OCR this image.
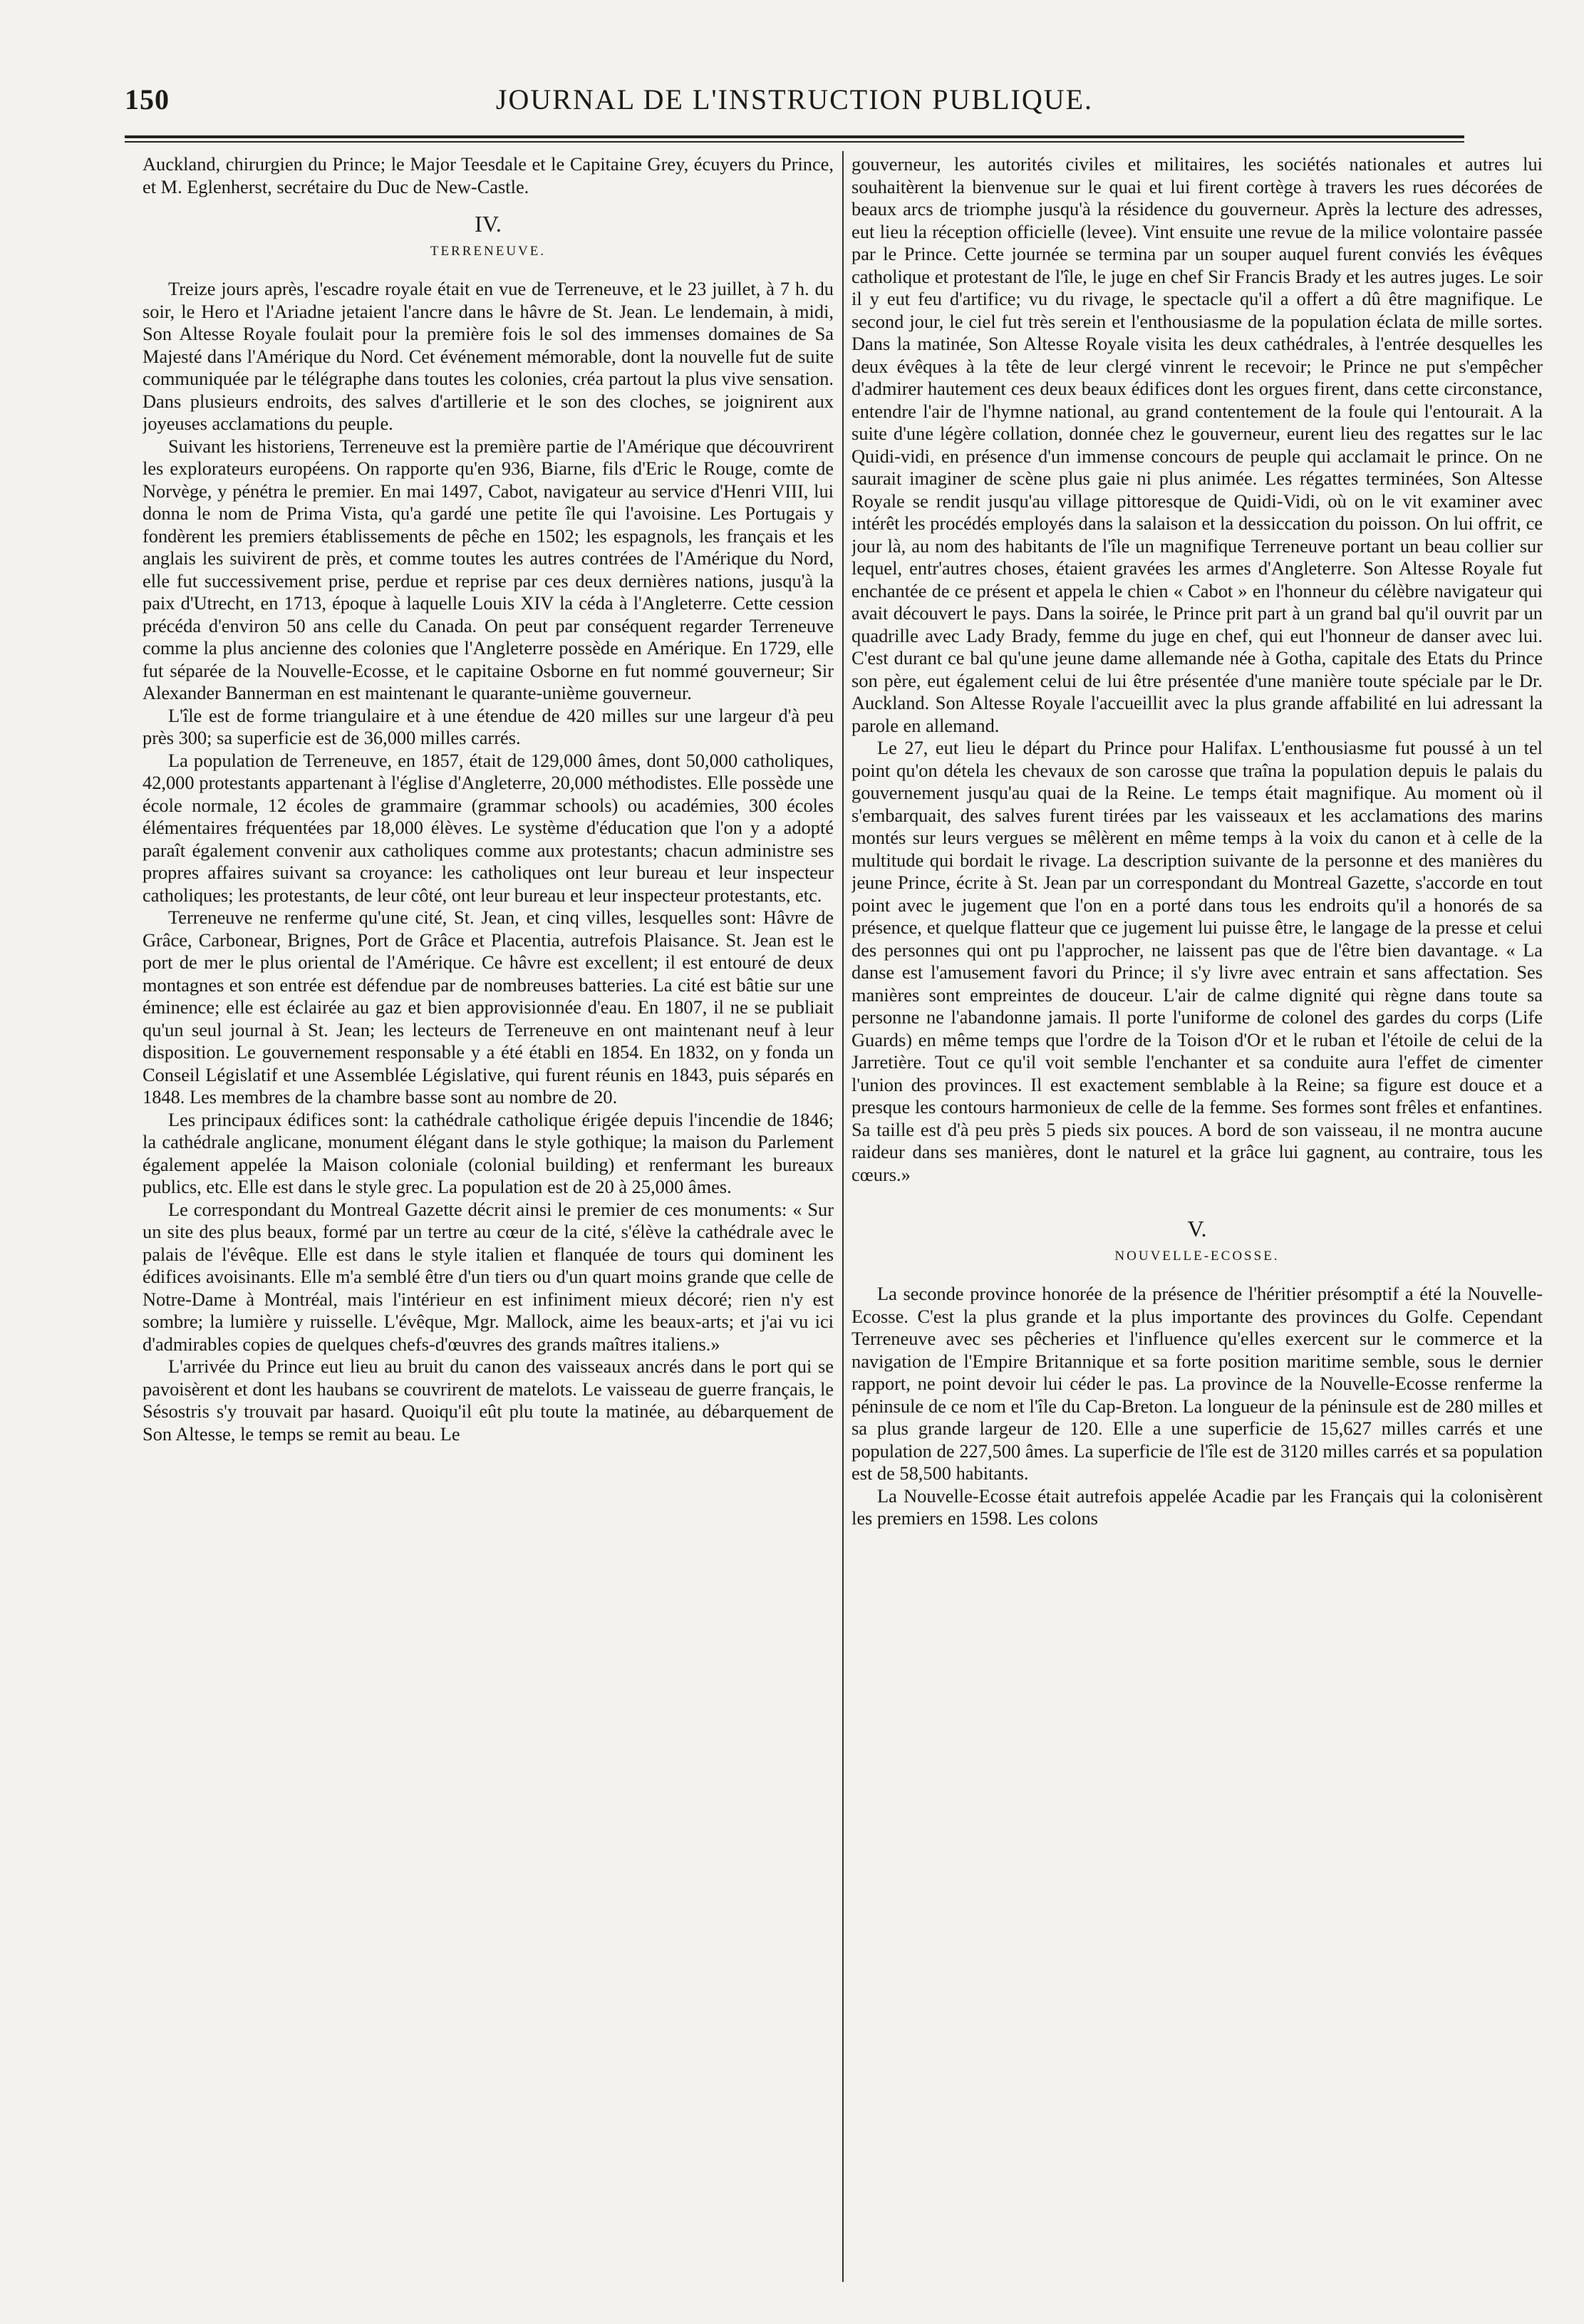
150	JOURNAL DE L'INSTRUCTION PUBLIQUE.

Auckland, chirurgien du Prince; le Major Teesdale et le Capitaine Grey, écuyers du Prince, et M. Eglenherst, secrétaire du Duc de New-Castle.

IV.
TERRENEUVE.

Treize jours après, l'escadre royale était en vue de Terreneuve, et le 23 juillet, à 7 h. du soir, le Hero et l'Ariadne jetaient l'ancre dans le hâvre de St. Jean. Le lendemain, à midi, Son Altesse Royale foulait pour la première fois le sol des immenses domaines de Sa Majesté dans l'Amérique du Nord. Cet événement mémorable, dont la nouvelle fut de suite communiquée par le télégraphe dans toutes les colonies, créa partout la plus vive sensation. Dans plusieurs endroits, des salves d'artillerie et le son des cloches, se joignirent aux joyeuses acclamations du peuple.

Suivant les historiens, Terreneuve est la première partie de l'Amérique que découvrirent les explorateurs européens. On rapporte qu'en 936, Biarne, fils d'Eric le Rouge, comte de Norvège, y pénétra le premier. En mai 1497, Cabot, navigateur au service d'Henri VIII, lui donna le nom de Prima Vista, qu'a gardé une petite île qui l'avoisine. Les Portugais y fondèrent les premiers établissements de pêche en 1502; les espagnols, les français et les anglais les suivirent de près, et comme toutes les autres contrées de l'Amérique du Nord, elle fut successivement prise, perdue et reprise par ces deux dernières nations, jusqu'à la paix d'Utrecht, en 1713, époque à laquelle Louis XIV la céda à l'Angleterre. Cette cession précéda d'environ 50 ans celle du Canada. On peut par conséquent regarder Terreneuve comme la plus ancienne des colonies que l'Angleterre possède en Amérique. En 1729, elle fut séparée de la Nouvelle-Ecosse, et le capitaine Osborne en fut nommé gouverneur; Sir Alexander Bannerman en est maintenant le quarante-unième gouverneur.

L'île est de forme triangulaire et à une étendue de 420 milles sur une largeur d'à peu près 300; sa superficie est de 36,000 milles carrés.

La population de Terreneuve, en 1857, était de 129,000 âmes, dont 50,000 catholiques, 42,000 protestants appartenant à l'église d'Angleterre, 20,000 méthodistes. Elle possède une école normale, 12 écoles de grammaire (grammar schools) ou académies, 300 écoles élémentaires fréquentées par 18,000 élèves. Le système d'éducation que l'on y a adopté paraît également convenir aux catholiques comme aux protestants; chacun administre ses propres affaires suivant sa croyance: les catholiques ont leur bureau et leur inspecteur catholiques; les protestants, de leur côté, ont leur bureau et leur inspecteur protestants, etc.

Terreneuve ne renferme qu'une cité, St. Jean, et cinq villes, lesquelles sont: Hâvre de Grâce, Carbonear, Brignes, Port de Grâce et Placentia, autrefois Plaisance. St. Jean est le port de mer le plus oriental de l'Amérique. Ce hâvre est excellent; il est entouré de deux montagnes et son entrée est défendue par de nombreuses batteries. La cité est bâtie sur une éminence; elle est éclairée au gaz et bien approvisionnée d'eau. En 1807, il ne se publiait qu'un seul journal à St. Jean; les lecteurs de Terreneuve en ont maintenant neuf à leur disposition. Le gouvernement responsable y a été établi en 1854. En 1832, on y fonda un Conseil Législatif et une Assemblée Législative, qui furent réunis en 1843, puis séparés en 1848. Les membres de la chambre basse sont au nombre de 20.

Les principaux édifices sont: la cathédrale catholique érigée depuis l'incendie de 1846; la cathédrale anglicane, monument élégant dans le style gothique; la maison du Parlement également appelée la Maison coloniale (colonial building) et renfermant les bureaux publics, etc. Elle est dans le style grec. La population est de 20 à 25,000 âmes.

Le correspondant du Montreal Gazette décrit ainsi le premier de ces monuments: « Sur un site des plus beaux, formé par un tertre au cœur de la cité, s'élève la cathédrale avec le palais de l'évêque. Elle est dans le style italien et flanquée de tours qui dominent les édifices avoisinants. Elle m'a semblé être d'un tiers ou d'un quart moins grande que celle de Notre-Dame à Montréal, mais l'intérieur en est infiniment mieux décoré; rien n'y est sombre; la lumière y ruisselle. L'évêque, Mgr. Mallock, aime les beaux-arts; et j'ai vu ici d'admirables copies de quelques chefs-d'œuvres des grands maîtres italiens.»

L'arrivée du Prince eut lieu au bruit du canon des vaisseaux ancrés dans le port qui se pavoisèrent et dont les haubans se couvrirent de matelots. Le vaisseau de guerre français, le Sésostris s'y trouvait par hasard. Quoiqu'il eût plu toute la matinée, au débarquement de Son Altesse, le temps se remit au beau. Le

gouverneur, les autorités civiles et militaires, les sociétés nationales et autres lui souhaitèrent la bienvenue sur le quai et lui firent cortège à travers les rues décorées de beaux arcs de triomphe jusqu'à la résidence du gouverneur. Après la lecture des adresses, eut lieu la réception officielle (levee). Vint ensuite une revue de la milice volontaire passée par le Prince. Cette journée se termina par un souper auquel furent conviés les évêques catholique et protestant de l'île, le juge en chef Sir Francis Brady et les autres juges. Le soir il y eut feu d'artifice; vu du rivage, le spectacle qu'il a offert a dû être magnifique. Le second jour, le ciel fut très serein et l'enthousiasme de la population éclata de mille sortes. Dans la matinée, Son Altesse Royale visita les deux cathédrales, à l'entrée desquelles les deux évêques à la tête de leur clergé vinrent le recevoir; le Prince ne put s'empêcher d'admirer hautement ces deux beaux édifices dont les orgues firent, dans cette circonstance, entendre l'air de l'hymne national, au grand contentement de la foule qui l'entourait. A la suite d'une légère collation, donnée chez le gouverneur, eurent lieu des regattes sur le lac Quidi-vidi, en présence d'un immense concours de peuple qui acclamait le prince. On ne saurait imaginer de scène plus gaie ni plus animée. Les régattes terminées, Son Altesse Royale se rendit jusqu'au village pittoresque de Quidi-Vidi, où on le vit examiner avec intérêt les procédés employés dans la salaison et la dessiccation du poisson. On lui offrit, ce jour là, au nom des habitants de l'île un magnifique Terreneuve portant un beau collier sur lequel, entr'autres choses, étaient gravées les armes d'Angleterre. Son Altesse Royale fut enchantée de ce présent et appela le chien « Cabot » en l'honneur du célèbre navigateur qui avait découvert le pays. Dans la soirée, le Prince prit part à un grand bal qu'il ouvrit par un quadrille avec Lady Brady, femme du juge en chef, qui eut l'honneur de danser avec lui. C'est durant ce bal qu'une jeune dame allemande née à Gotha, capitale des Etats du Prince son père, eut également celui de lui être présentée d'une manière toute spéciale par le Dr. Auckland. Son Altesse Royale l'accueillit avec la plus grande affabilité en lui adressant la parole en allemand.

Le 27, eut lieu le départ du Prince pour Halifax. L'enthousiasme fut poussé à un tel point qu'on détela les chevaux de son carosse que traîna la population depuis le palais du gouvernement jusqu'au quai de la Reine. Le temps était magnifique. Au moment où il s'embarquait, des salves furent tirées par les vaisseaux et les acclamations des marins montés sur leurs vergues se mêlèrent en même temps à la voix du canon et à celle de la multitude qui bordait le rivage. La description suivante de la personne et des manières du jeune Prince, écrite à St. Jean par un correspondant du Montreal Gazette, s'accorde en tout point avec le jugement que l'on en a porté dans tous les endroits qu'il a honorés de sa présence, et quelque flatteur que ce jugement lui puisse être, le langage de la presse et celui des personnes qui ont pu l'approcher, ne laissent pas que de l'être bien davantage. « La danse est l'amusement favori du Prince; il s'y livre avec entrain et sans affectation. Ses manières sont empreintes de douceur. L'air de calme dignité qui règne dans toute sa personne ne l'abandonne jamais. Il porte l'uniforme de colonel des gardes du corps (Life Guards) en même temps que l'ordre de la Toison d'Or et le ruban et l'étoile de celui de la Jarretière. Tout ce qu'il voit semble l'enchanter et sa conduite aura l'effet de cimenter l'union des provinces. Il est exactement semblable à la Reine; sa figure est douce et a presque les contours harmonieux de celle de la femme. Ses formes sont frêles et enfantines. Sa taille est d'à peu près 5 pieds six pouces. A bord de son vaisseau, il ne montra aucune raideur dans ses manières, dont le naturel et la grâce lui gagnent, au contraire, tous les cœurs.»

V.
NOUVELLE-ECOSSE.

La seconde province honorée de la présence de l'héritier présomptif a été la Nouvelle-Ecosse. C'est la plus grande et la plus importante des provinces du Golfe. Cependant Terreneuve avec ses pêcheries et l'influence qu'elles exercent sur le commerce et la navigation de l'Empire Britannique et sa forte position maritime semble, sous le dernier rapport, ne point devoir lui céder le pas. La province de la Nouvelle-Ecosse renferme la péninsule de ce nom et l'île du Cap-Breton. La longueur de la péninsule est de 280 milles et sa plus grande largeur de 120. Elle a une superficie de 15,627 milles carrés et une population de 227,500 âmes. La superficie de l'île est de 3120 milles carrés et sa population est de 58,500 habitants.

La Nouvelle-Ecosse était autrefois appelée Acadie par les Français qui la colonisèrent les premiers en 1598. Les colons
